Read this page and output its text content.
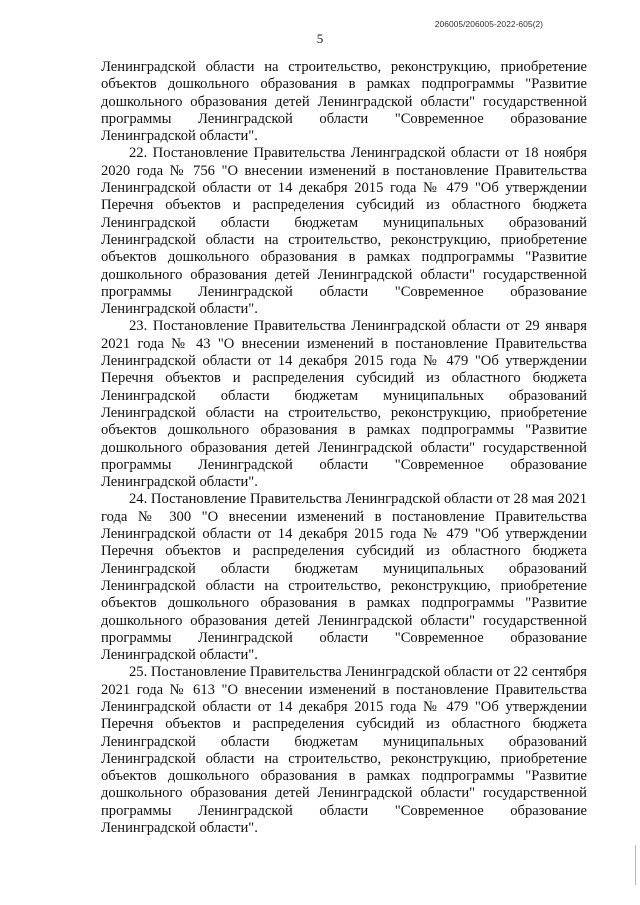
5
206005/206005-2022-605(2)

Ленинградской области на строительство, реконструкцию, приобретение объектов дошкольного образования в рамках подпрограммы "Развитие дошкольного образования детей Ленинградской области" государственной программы Ленинградской области "Современное образование Ленинградской области".

22. Постановление Правительства Ленинградской области от 18 ноября 2020 года № 756 "О внесении изменений в постановление Правительства Ленинградской области от 14 декабря 2015 года № 479 "Об утверждении Перечня объектов и распределения субсидий из областного бюджета Ленинградской области бюджетам муниципальных образований Ленинградской области на строительство, реконструкцию, приобретение объектов дошкольного образования в рамках подпрограммы "Развитие дошкольного образования детей Ленинградской области" государственной программы Ленинградской области "Современное образование Ленинградской области".

23. Постановление Правительства Ленинградской области от 29 января 2021 года № 43 "О внесении изменений в постановление Правительства Ленинградской области от 14 декабря 2015 года № 479 "Об утверждении Перечня объектов и распределения субсидий из областного бюджета Ленинградской области бюджетам муниципальных образований Ленинградской области на строительство, реконструкцию, приобретение объектов дошкольного образования в рамках подпрограммы "Развитие дошкольного образования детей Ленинградской области" государственной программы Ленинградской области "Современное образование Ленинградской области".

24. Постановление Правительства Ленинградской области от 28 мая 2021 года № 300 "О внесении изменений в постановление Правительства Ленинградской области от 14 декабря 2015 года № 479 "Об утверждении Перечня объектов и распределения субсидий из областного бюджета Ленинградской области бюджетам муниципальных образований Ленинградской области на строительство, реконструкцию, приобретение объектов дошкольного образования в рамках подпрограммы "Развитие дошкольного образования детей Ленинградской области" государственной программы Ленинградской области "Современное образование Ленинградской области".

25. Постановление Правительства Ленинградской области от 22 сентября 2021 года № 613 "О внесении изменений в постановление Правительства Ленинградской области от 14 декабря 2015 года № 479 "Об утверждении Перечня объектов и распределения субсидий из областного бюджета Ленинградской области бюджетам муниципальных образований Ленинградской области на строительство, реконструкцию, приобретение объектов дошкольного образования в рамках подпрограммы "Развитие дошкольного образования детей Ленинградской области" государственной программы Ленинградской области "Современное образование Ленинградской области".
